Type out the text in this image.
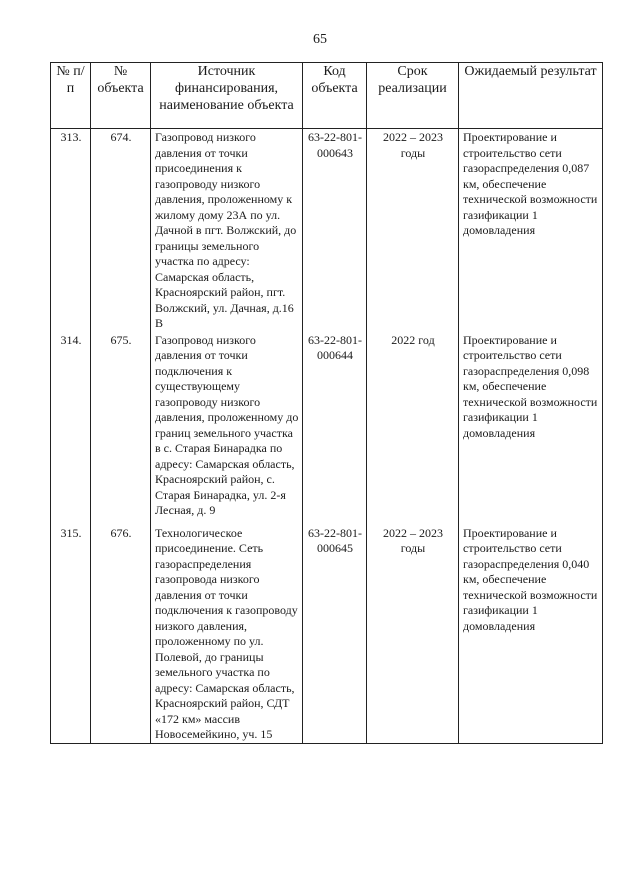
65
№ п/п	№ объекта	Источник финансирования, наименование объекта	Код объекта	Срок реализации	Ожидаемый результат
313.	674.	Газопровод низкого давления от точки присоединения к газопроводу низкого давления, проложенному к жилому дому 23А по ул. Дачной в пгт. Волжский, до границы земельного участка по адресу: Самарская область, Красноярский район, пгт. Волжский, ул. Дачная, д.16 В	63-22-801-000643	2022 – 2023 годы	Проектирование и строительство сети газораспределения 0,087 км, обеспечение технической возможности газификации 1 домовладения
314.	675.	Газопровод низкого давления от точки подключения к существующему газопроводу низкого давления, проложенному до границ земельного участка в с. Старая Бинарадка по адресу: Самарская область, Красноярский район, с. Старая Бинарадка, ул. 2-я Лесная, д. 9	63-22-801-000644	2022 год	Проектирование и строительство сети газораспределения 0,098 км, обеспечение технической возможности газификации 1 домовладения
315.	676.	Технологическое присоединение. Сеть газораспределения газопровода низкого давления от точки подключения к газопроводу низкого давления, проложенному по ул. Полевой, до границы земельного участка по адресу: Самарская область, Красноярский район, СДТ «172 км» массив Новосемейкино, уч. 15	63-22-801-000645	2022 – 2023 годы	Проектирование и строительство сети газораспределения 0,040 км, обеспечение технической возможности газификации 1 домовладения
